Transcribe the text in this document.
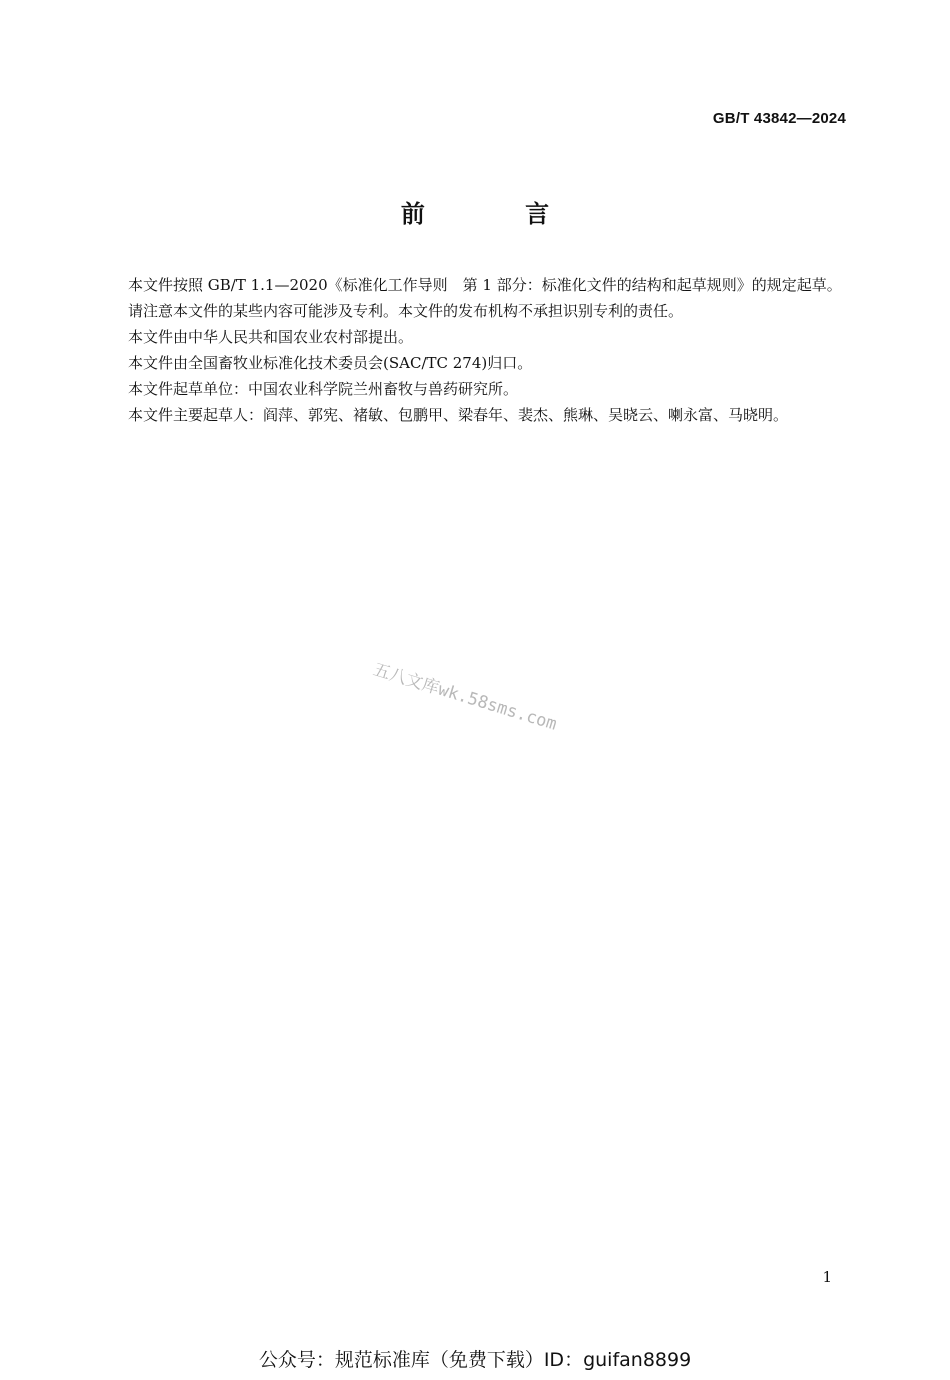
GB/T 43842—2024
前 言

本文件按照 GB/T 1.1—2020《标准化工作导则　第 1 部分：标准化文件的结构和起草规则》的规定起草。

请注意本文件的某些内容可能涉及专利。本文件的发布机构不承担识别专利的责任。

本文件由中华人民共和国农业农村部提出。

本文件由全国畜牧业标准化技术委员会(SAC/TC 274)归口。

本文件起草单位：中国农业科学院兰州畜牧与兽药研究所。

本文件主要起草人：阎萍、郭宪、褚敏、包鹏甲、梁春年、裴杰、熊琳、吴晓云、喇永富、马晓明。

五八文库wk.58sms.com
1
公众号：规范标准库（免费下载）ID：guifan8899
